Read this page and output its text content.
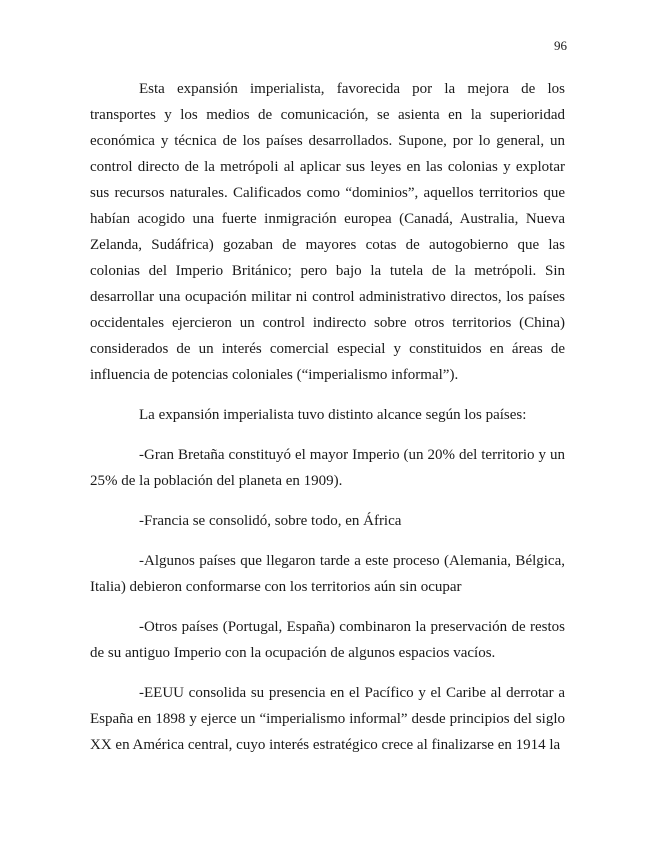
96

Esta expansión imperialista, favorecida por la mejora de los transportes y los medios de comunicación, se asienta en la superioridad económica y técnica de los países desarrollados. Supone, por lo general, un control directo de la metrópoli al aplicar sus leyes en las colonias y explotar sus recursos naturales. Calificados como “dominios”, aquellos territorios que habían acogido una fuerte inmigración europea (Canadá, Australia, Nueva Zelanda, Sudáfrica) gozaban de mayores cotas de autogobierno que las colonias del Imperio Británico; pero bajo la tutela de la metrópoli. Sin desarrollar una ocupación militar ni control administrativo directos, los países occidentales ejercieron un control indirecto sobre otros territorios (China) considerados de un interés comercial especial y constituidos en áreas de influencia de potencias coloniales (“imperialismo informal”).

La expansión imperialista tuvo distinto alcance según los países:

-Gran Bretaña constituyó el mayor Imperio (un 20% del territorio y un 25% de la población del planeta en 1909).

-Francia se consolidó, sobre todo, en África

-Algunos países que llegaron tarde a este proceso (Alemania, Bélgica, Italia) debieron conformarse con los territorios aún sin ocupar

-Otros países (Portugal, España) combinaron la preservación de restos de su antiguo Imperio con la ocupación de algunos espacios vacíos.

-EEUU consolida su presencia en el Pacífico y el Caribe al derrotar a España en 1898 y ejerce un “imperialismo informal” desde principios del siglo XX en América central, cuyo interés estratégico crece al finalizarse en 1914 la
